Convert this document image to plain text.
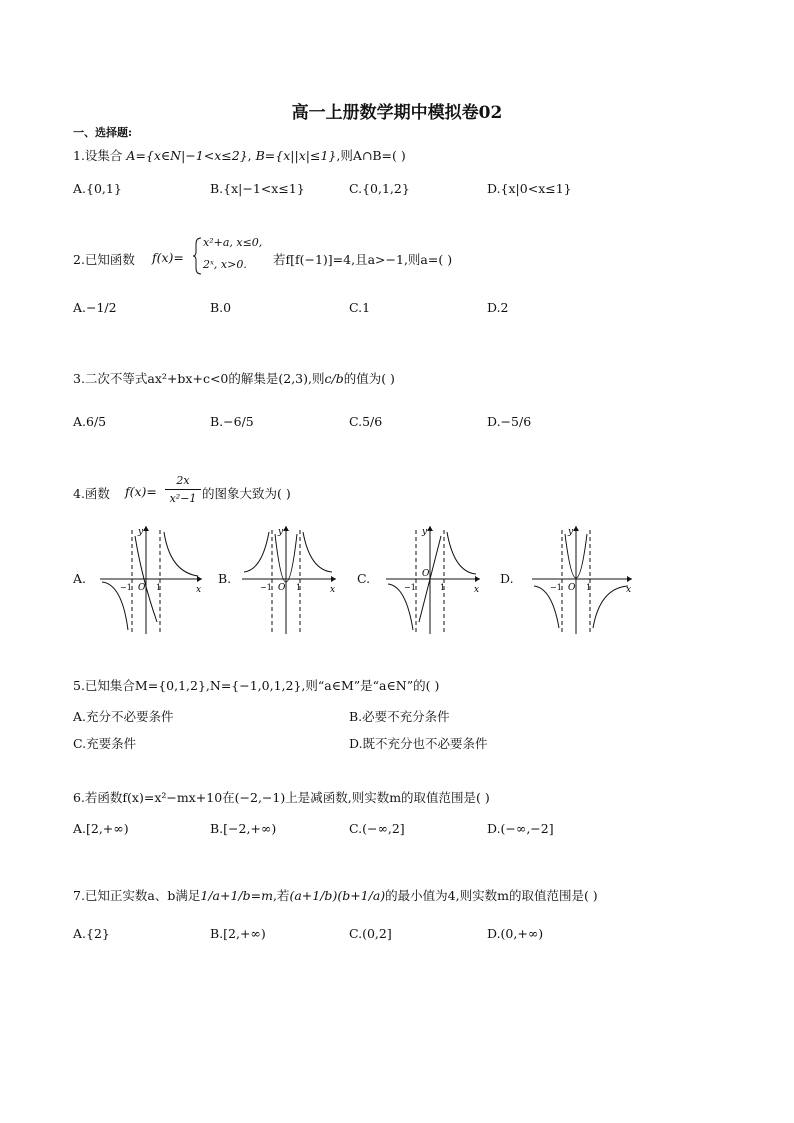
高一上册数学期中模拟卷02
一、选择题:
1.设集合 A={x∈N|−1<x≤2}, B={x||x|≤1},则A∩B=( )
A.{0,1}	B.{x|−1<x≤1}	C.{0,1,2}	D.{x|0<x≤1}
2.已知函数 f(x)=
x²+a, x≤0,
2ˣ, x>0. 若f[f(−1)]=4,且a>−1,则a=( )
A.−1/2	B.0	C.1	D.2
3.二次不等式ax²+bx+c<0的解集是(2,3),则c/b的值为( )
A.6/5	B.−6/5	C.5/6	D.−5/6
4.函数 f(x)=
2x
x²−1 的图象大致为( )
A.	B.	C.	D.
O
−1	1	x
y
O
−1	1	x
y
O
−1	1	x
y
O
−1	1	x
y
5.已知集合M={0,1,2},N={−1,0,1,2},则“a∈M”是“a∈N”的( )
A.充分不必要条件	B.必要不充分条件
C.充要条件	D.既不充分也不必要条件
6.若函数f(x)=x²−mx+10在(−2,−1)上是减函数,则实数m的取值范围是( )
A.[2,+∞)	B.[−2,+∞)	C.(−∞,2]	D.(−∞,−2]
7.已知正实数a、b满足1/a+1/b=m,若(a+1/b)(b+1/a)的最小值为4,则实数m的取值范围是( )
A.{2}	B.[2,+∞)	C.(0,2]	D.(0,+∞)
